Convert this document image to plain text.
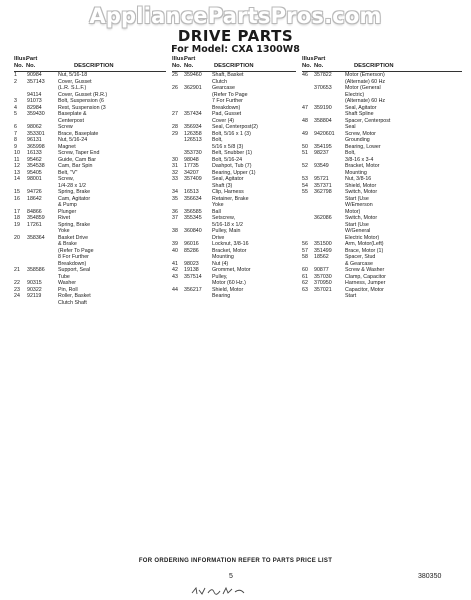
AppliancePartsPros.com
DRIVE PARTS
For Model: CXA 1300W8
Illus.
No.
Part
No.	DESCRIPTION
1 90984	Nut, 5/16-18
2 357143	Cover, Gusset
(L.R. S.L.F.)
94114	Cover, Gusset (R.R.)
3 91073	Bolt, Suspension (6
4 82984	Rest, Suspension (3
5 359430	Baseplate &
Centerpost
6 98062	Screw
7 353301	Brace, Baseplate
8 96131	Nut, 5/16-24
9 365998	Magnet
10 16133	Screw, Taper End
11 95462	Guide, Cam Bar
12 354538	Cam, Bar Spin
13 95405	Belt, "V"
14 98001	Screw,
1/4-28 x 1/2
15 94726	Spring, Brake
16 18642	Cam, Agitator
& Pump
17 84866	Plunger
18 354859	Rivet
19 17261	Spring, Brake
Yoke
20 358364	Basket Drive
& Brake
(Refer To Page
8 For Further
Breakdown)
21 358586	Support, Seal
Tube
22 90315	Washer
23 90322	Pin, Roll
24 92119	Roller, Basket
Clutch Shaft
Illus.
No.
Part
No.	DESCRIPTION
25 359460 Shaft, Basket
Clutch
26 362901 Gearcase
(Refer To Page
7 For Further
Breakdown)
27 357434 Pad, Gusset
Cover (4)
28 356934 Seal, Centerpost(2)
29 126358 Bolt, 5/16 x 1 (3)
126513 Bolt,
5/16 x 5/8 (3)
353730 Belt, Snubber (1)
30 98048	Bolt, 5/16-24
31 17735	Dashpot, Tub (7)
32 34207	Bearing, Upper (1)
33 357409 Seal, Agitator
Shaft (3)
34 16513	Clip, Harness
35 356634 Retainer, Brake
Yoke
36 356585 Ball
37 355345 Setscrew,
5/16-18 x 1/2
38 360840 Pulley, Main
Drive
39 96016	Locknut, 3/8-16
40 85286	Bracket, Motor
Mounting
41 98023	Nut (4)
42 19138	Grommet, Motor
43 357514 Pulley,
Motor (60 Hz.)
44 356217 Shield, Motor
Bearing
Illus.
No.
Part
No.	DESCRIPTION
46 357822	Motor (Emerson)
(Alternate) 60 Hz
370653	Motor (General
Electric)
(Alternate) 60 Hz
47 359190	Seal, Agitator
Shaft Spline
48 358804	Spacer, Centerpost
Seal
49 9420601 Screw, Motor
Grounding
50 354195	Bearing, Lower
51 98237	Bolt,
3/8-16 x 3-4
52 93549	Bracket, Motor
Mounting
53 95721	Nut, 3/8-16
54 357371	Shield, Motor
55 362798	Switch, Motor
Start (Use
W/Emerson
Motor)
362086	Switch, Motor
Start (Use
W/General
Electric Motor)
56 351500	Arm, Motor(Left)
57 351499	Brace, Motor (1)
58 18562	Spacer, Stud
& Gearcase
60 90877	Screw & Washer
61 357030	Clamp, Capacitor
62 370950	Harness, Jumper
63 357021	Capacitor, Motor
Start
FOR ORDERING INFORMATION REFER TO PARTS PRICE LIST
5	380350
